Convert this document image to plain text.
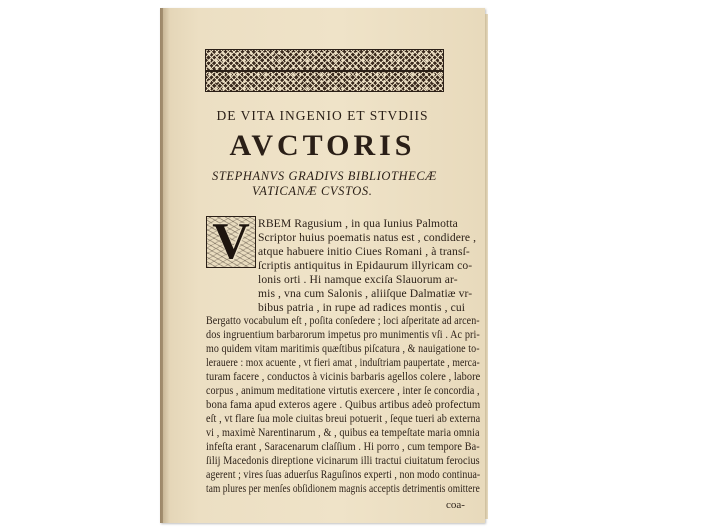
DE VITA INGENIO ET STVDIIS
AVCTORIS
STEPHANVS GRADIVS BIBLIOTHECÆ
VATICANÆ CVSTOS.
V RBEM Ragusium , in qua Iunius Palmotta
Scriptor huius poematis natus est , condidere ,
atque habuere initio Ciues Romani , à transſ-
ſcriptis antiquitus in Epidaurum illyricam co-
lonis orti . Hi namque exciſa Slauorum ar-
mis , vna cum Salonis , aliiſque Dalmatiæ vr-
bibus patria , in rupe ad radices montis , cui
Bergatto vocabulum eſt , poſita conſedere ; loci aſperitate ad arcen-
dos ingruentium barbarorum impetus pro munimentis vſi . Ac pri-
mo quidem vitam maritimis quæſtibus piſcatura , & nauigatione to-
lerauere : mox acuente , vt fieri amat , induſtriam paupertate , merca-
turam facere , conductos à vicinis barbaris agellos colere , labore
corpus , animum meditatione virtutis exercere , inter ſe concordia ,
bona fama apud exteros agere . Quibus artibus adeò profectum
eſt , vt flare ſua mole ciuitas breui potuerit , ſeque tueri ab externa
vi , maximè Narentinarum , & , quibus ea tempeſtate maria omnia
infeſta erant , Saracenarum claſſium . Hi porro , cum tempore Ba-
ſilij Macedonis direptione vicinarum illi tractui ciuitatum ferocius
agerent ; vires ſuas aduerſus Raguſinos experti , non modo continua-
tam plures per menſes obſidionem magnis acceptis detrimentis omittere
coa-
